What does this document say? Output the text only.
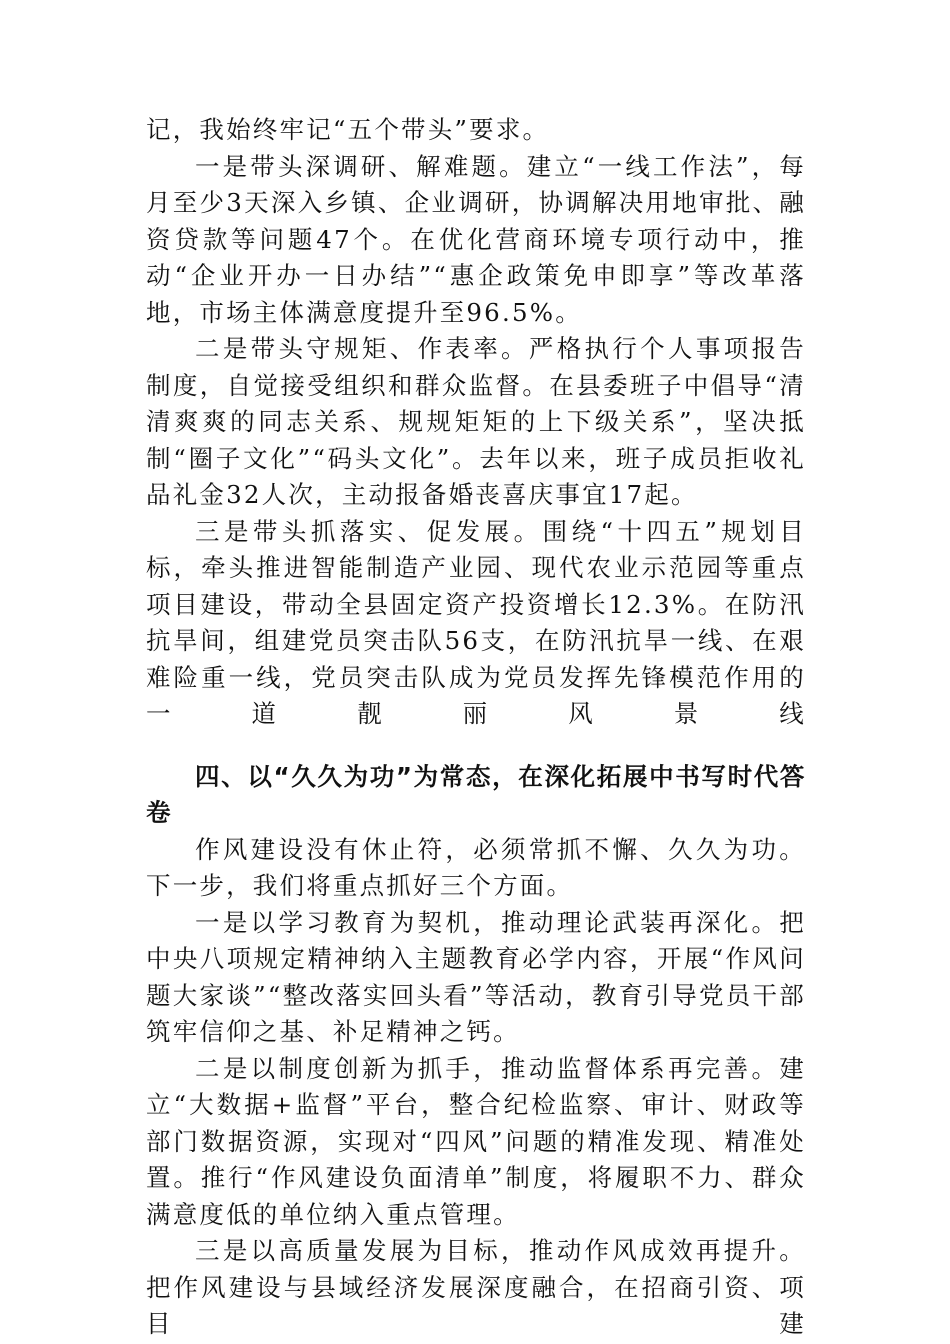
记，我始终牢记“五个带头”要求。

一是带头深调研、解难题。建立“一线工作法”，每月至少3天深入乡镇、企业调研，协调解决用地审批、融资贷款等问题47个。在优化营商环境专项行动中，推动“企业开办一日办结”“惠企政策免申即享”等改革落地，市场主体满意度提升至96.5%。

二是带头守规矩、作表率。严格执行个人事项报告制度，自觉接受组织和群众监督。在县委班子中倡导“清清爽爽的同志关系、规规矩矩的上下级关系”，坚决抵制“圈子文化”“码头文化”。去年以来，班子成员拒收礼品礼金32人次，主动报备婚丧喜庆事宜17起。

三是带头抓落实、促发展。围绕“十四五”规划目标，牵头推进智能制造产业园、现代农业示范园等重点项目建设，带动全县固定资产投资增长12.3%。在防汛抗旱间，组建党员突击队56支，在防汛抗旱一线、在艰难险重一线，党员突击队成为党员发挥先锋模范作用的一道靓丽风景线

四、以“久久为功”为常态，在深化拓展中书写时代答卷

作风建设没有休止符，必须常抓不懈、久久为功。下一步，我们将重点抓好三个方面。

一是以学习教育为契机，推动理论武装再深化。把中央八项规定精神纳入主题教育必学内容，开展“作风问题大家谈”“整改落实回头看”等活动，教育引导党员干部筑牢信仰之基、补足精神之钙。

二是以制度创新为抓手，推动监督体系再完善。建立“大数据+监督”平台，整合纪检监察、审计、财政等部门数据资源，实现对“四风”问题的精准发现、精准处置。推行“作风建设负面清单”制度，将履职不力、群众满意度低的单位纳入重点管理。

三是以高质量发展为目标，推动作风成效再提升。把作风建设与县域经济发展深度融合，在招商引资、项目建
